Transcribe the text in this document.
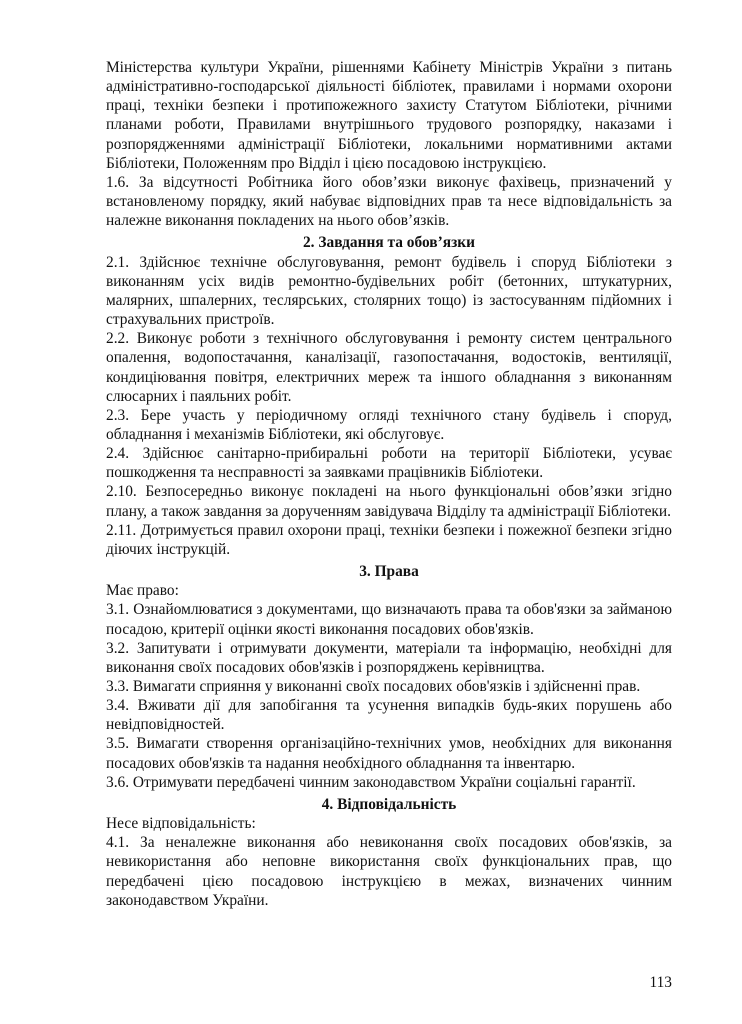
Міністерства культури України, рішеннями Кабінету Міністрів України з питань адміністративно-господарської діяльності бібліотек, правилами і нормами охорони праці, техніки безпеки і протипожежного захисту Статутом Бібліотеки, річними планами роботи, Правилами внутрішнього трудового розпорядку, наказами і розпорядженнями адміністрації Бібліотеки, локальними нормативними актами Бібліотеки, Положенням про Відділ і цією посадовою інструкцією.

1.6. За відсутності Робітника його обов’язки виконує фахівець, призначений у встановленому порядку, який набуває відповідних прав та несе відповідальність за належне виконання покладених на нього обов’язків.

2. Завдання та обов’язки

2.1. Здійснює технічне обслуговування, ремонт будівель і споруд Бібліотеки з виконанням усіх видів ремонтно-будівельних робіт (бетонних, штукатурних, малярних, шпалерних, теслярських, столярних тощо) із застосуванням підйомних і страхувальних пристроїв.

2.2. Виконує роботи з технічного обслуговування і ремонту систем центрального опалення, водопостачання, каналізації, газопостачання, водостоків, вентиляції, кондиціювання повітря, електричних мереж та іншого обладнання з виконанням слюсарних і паяльних робіт.

2.3. Бере участь у періодичному огляді технічного стану будівель і споруд, обладнання і механізмів Бібліотеки, які обслуговує.

2.4. Здійснює санітарно-прибиральні роботи на території Бібліотеки, усуває пошкодження та несправності за заявками працівників Бібліотеки.

2.10. Безпосередньо виконує покладені на нього функціональні обов’язки згідно плану, а також завдання за дорученням завідувача Відділу та адміністрації Бібліотеки.

2.11. Дотримується правил охорони праці, техніки безпеки і пожежної безпеки згідно діючих інструкцій.

3. Права

Має право:

3.1. Ознайомлюватися з документами, що визначають права та обов'язки за займаною посадою, критерії оцінки якості виконання посадових обов'язків.

3.2. Запитувати і отримувати документи, матеріали та інформацію, необхідні для виконання своїх посадових обов'язків і розпоряджень керівництва.

3.3. Вимагати сприяння у виконанні своїх посадових обов'язків і здійсненні прав.

3.4. Вживати дії для запобігання та усунення випадків будь-яких порушень або невідповідностей.

3.5. Вимагати створення організаційно-технічних умов, необхідних для виконання посадових обов'язків та надання необхідного обладнання та інвентарю.

3.6. Отримувати передбачені чинним законодавством України соціальні гарантії.

4. Відповідальність

Несе відповідальність:

4.1. За неналежне виконання або невиконання своїх посадових обов'язків, за невикористання або неповне використання своїх функціональних прав, що передбачені цією посадовою інструкцією в межах, визначених чинним законодавством України.

113
